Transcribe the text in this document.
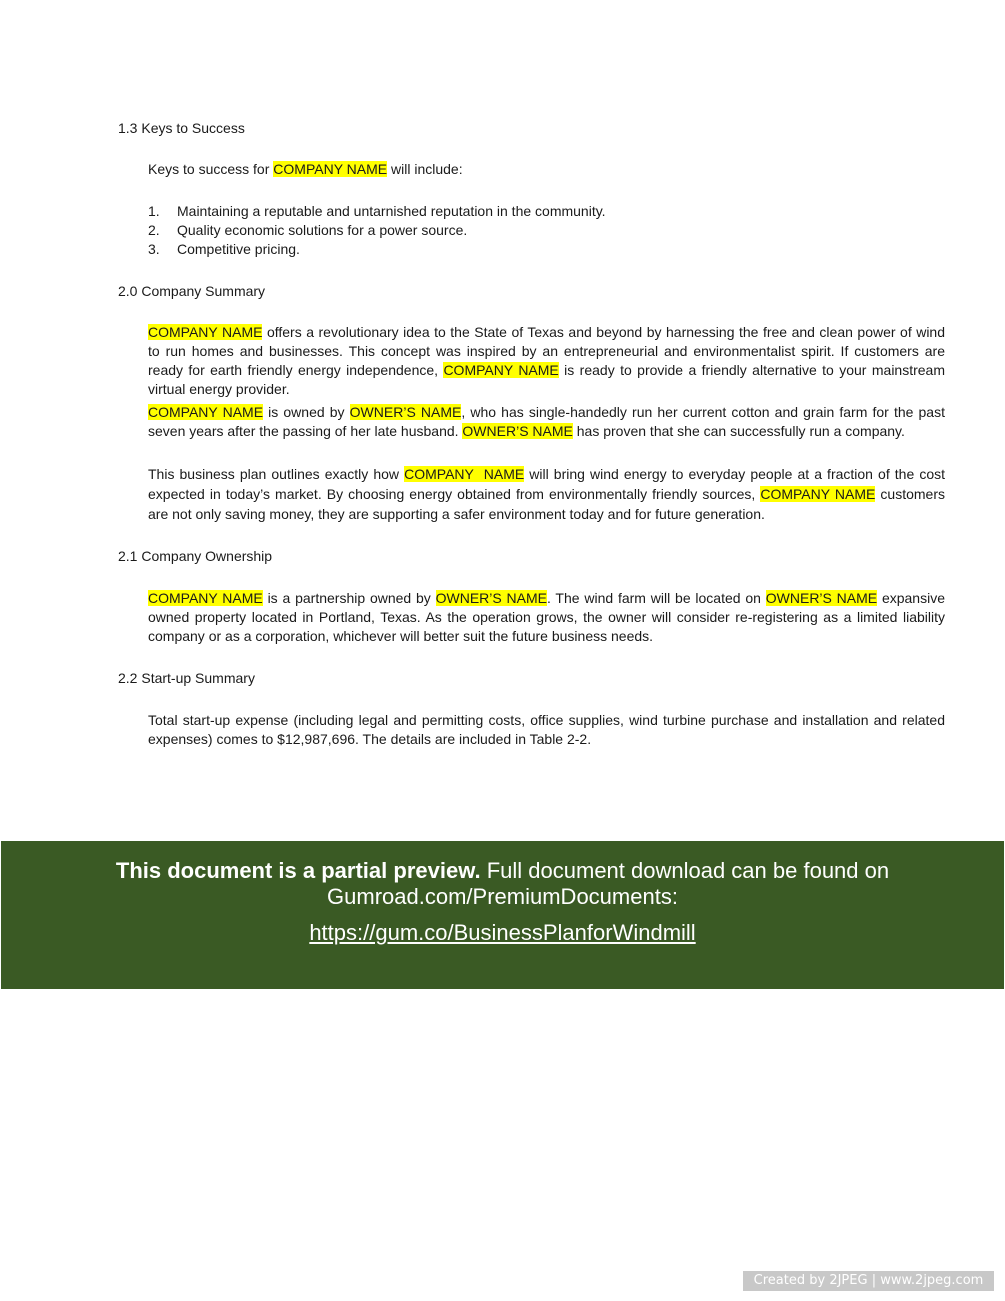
1.3 Keys to Success

Keys to success for COMPANY NAME will include:

1. Maintaining a reputable and untarnished reputation in the community.
2. Quality economic solutions for a power source.
3. Competitive pricing.
2.0 Company Summary

COMPANY NAME offers a revolutionary idea to the State of Texas and beyond by harnessing the free and clean power of wind to run homes and businesses. This concept was inspired by an entrepreneurial and environmentalist spirit. If customers are ready for earth friendly energy independence, COMPANY NAME is ready to provide a friendly alternative to your mainstream virtual energy provider.

COMPANY NAME is owned by OWNER’S NAME, who has single-handedly run her current cotton and grain farm for the past seven years after the passing of her late husband. OWNER’S NAME has proven that she can successfully run a company.

This business plan outlines exactly how COMPANY  NAME will bring wind energy to everyday people at a fraction of the cost expected in today’s market. By choosing energy obtained from environmentally friendly sources, COMPANY NAME customers are not only saving money, they are supporting a safer environment today and for future generation.

2.1 Company Ownership

COMPANY NAME is a partnership owned by OWNER’S NAME. The wind farm will be located on OWNER’S NAME expansive owned property located in Portland, Texas. As the operation grows, the owner will consider re-registering as a limited liability company or as a corporation, whichever will better suit the future business needs.

2.2 Start-up Summary

Total start-up expense (including legal and permitting costs, office supplies, wind turbine purchase and installation and related expenses) comes to $12,987,696. The details are included in Table 2-2.

This document is a partial preview. Full document download can be found on Gumroad.com/PremiumDocuments:
https://gum.co/BusinessPlanforWindmill
Created by 2JPEG | www.2jpeg.com
